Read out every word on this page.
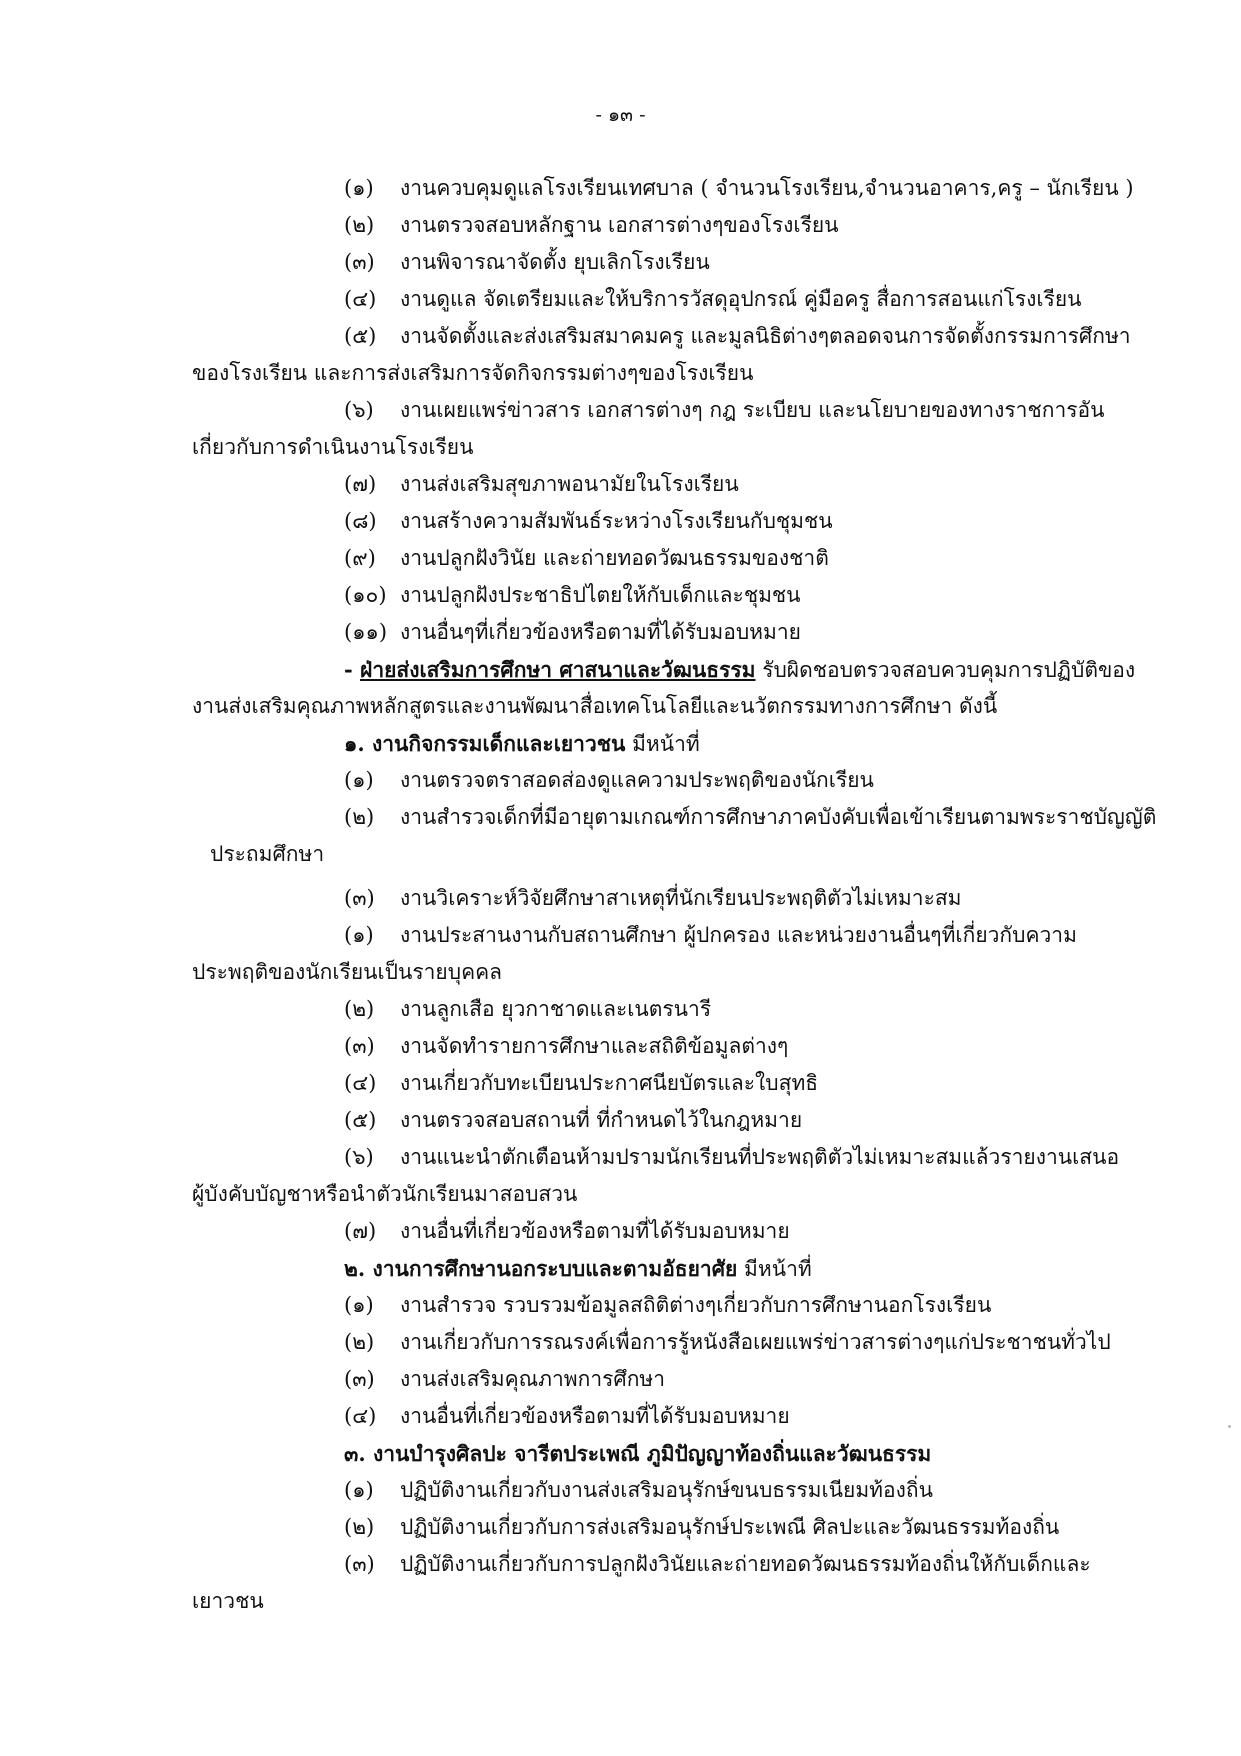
- ๑๓ -
(๑) งานควบคุมดูแลโรงเรียนเทศบาล ( จำนวนโรงเรียน,จำนวนอาคาร,ครู – นักเรียน )
(๒) งานตรวจสอบหลักฐาน เอกสารต่างๆของโรงเรียน
(๓) งานพิจารณาจัดตั้ง ยุบเลิกโรงเรียน
(๔) งานดูแล จัดเตรียมและให้บริการวัสดุอุปกรณ์ คู่มือครู สื่อการสอนแก่โรงเรียน
(๕) งานจัดตั้งและส่งเสริมสมาคมครู และมูลนิธิต่างๆตลอดจนการจัดตั้งกรรมการศึกษา
ของโรงเรียน และการส่งเสริมการจัดกิจกรรมต่างๆของโรงเรียน
(๖) งานเผยแพร่ข่าวสาร เอกสารต่างๆ กฎ ระเบียบ และนโยบายของทางราชการอัน
เกี่ยวกับการดำเนินงานโรงเรียน
(๗) งานส่งเสริมสุขภาพอนามัยในโรงเรียน
(๘) งานสร้างความสัมพันธ์ระหว่างโรงเรียนกับชุมชน
(๙) งานปลูกฝังวินัย และถ่ายทอดวัฒนธรรมของชาติ
(๑๐) งานปลูกฝังประชาธิปไตยให้กับเด็กและชุมชน
(๑๑) งานอื่นๆที่เกี่ยวข้องหรือตามที่ได้รับมอบหมาย
- ฝ่ายส่งเสริมการศึกษา ศาสนาและวัฒนธรรม รับผิดชอบตรวจสอบควบคุมการปฏิบัติของ
งานส่งเสริมคุณภาพหลักสูตรและงานพัฒนาสื่อเทคโนโลยีและนวัตกรรมทางการศึกษา ดังนี้
๑. งานกิจกรรมเด็กและเยาวชน มีหน้าที่
(๑) งานตรวจตราสอดส่องดูแลความประพฤติของนักเรียน
(๒) งานสำรวจเด็กที่มีอายุตามเกณฑ์การศึกษาภาคบังคับเพื่อเข้าเรียนตามพระราชบัญญัติ
ประถมศึกษา
(๓) งานวิเคราะห์วิจัยศึกษาสาเหตุที่นักเรียนประพฤติตัวไม่เหมาะสม
(๑) งานประสานงานกับสถานศึกษา ผู้ปกครอง และหน่วยงานอื่นๆที่เกี่ยวกับความ
ประพฤติของนักเรียนเป็นรายบุคคล
(๒) งานลูกเสือ ยุวกาชาดและเนตรนารี
(๓) งานจัดทำรายการศึกษาและสถิติข้อมูลต่างๆ
(๔) งานเกี่ยวกับทะเบียนประกาศนียบัตรและใบสุทธิ
(๕) งานตรวจสอบสถานที่ ที่กำหนดไว้ในกฎหมาย
(๖) งานแนะนำตักเตือนห้ามปรามนักเรียนที่ประพฤติตัวไม่เหมาะสมแล้วรายงานเสนอ
ผู้บังคับบัญชาหรือนำตัวนักเรียนมาสอบสวน
(๗) งานอื่นที่เกี่ยวข้องหรือตามที่ได้รับมอบหมาย
๒. งานการศึกษานอกระบบและตามอัธยาศัย มีหน้าที่
(๑) งานสำรวจ รวบรวมข้อมูลสถิติต่างๆเกี่ยวกับการศึกษานอกโรงเรียน
(๒) งานเกี่ยวกับการรณรงค์เพื่อการรู้หนังสือเผยแพร่ข่าวสารต่างๆแก่ประชาชนทั่วไป
(๓) งานส่งเสริมคุณภาพการศึกษา
(๔) งานอื่นที่เกี่ยวข้องหรือตามที่ได้รับมอบหมาย
๓. งานบำรุงศิลปะ จารีตประเพณี ภูมิปัญญาท้องถิ่นและวัฒนธรรม
(๑) ปฏิบัติงานเกี่ยวกับงานส่งเสริมอนุรักษ์ขนบธรรมเนียมท้องถิ่น
(๒) ปฏิบัติงานเกี่ยวกับการส่งเสริมอนุรักษ์ประเพณี ศิลปะและวัฒนธรรมท้องถิ่น
(๓) ปฏิบัติงานเกี่ยวกับการปลูกฝังวินัยและถ่ายทอดวัฒนธรรมท้องถิ่นให้กับเด็กและ
เยาวชน
